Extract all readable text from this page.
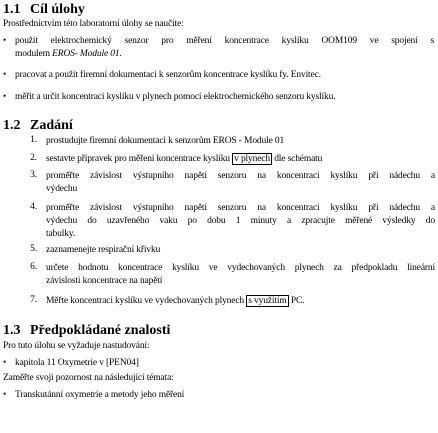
1.1 Cíl úlohy
Prostřednictvím této laboratorní úlohy se naučíte:
• použít elektrochemický senzor pro měření koncentrace kyslíku OOM109 ve spojení s
modulem EROS- Module 01.
• pracovat a použít firemní dokumentaci k senzorům koncentrace kyslíku fy. Envitec.
• měřit a určit koncentraci kyslíku v plynech pomocí elektrochemického senzoru kyslíku.
1.2 Zadání
1 . prostudujte firemní dokumentaci k senzorům EROS - Module 01
2 . sestavte přípravek pro měření koncentrace kyslíku v plynech dle schématu
3 . proměřte závislost výstupního napětí senzoru na koncentraci kyslíku při nádechu a
výdechu
4 . proměřte závislost výstupního napětí senzoru na koncentraci kyslíku při nádechu a
výdechu do uzavřeného vaku po dobu 1 minuty a zpracujte měřené výsledky do
tabulky.
5 . zaznamenejte respirační křivku
6 . určete hodnotu koncentrace kyslíku ve vydechovaných plynech za předpokladu lineární
závislosti koncentrace na napětí
7 . Měřte koncentraci kyslíku ve vydechovaných plynech s využitím PC.
1.3 Předpokládané znalosti
Pro tuto úlohu se vyžaduje nastudování:
• kapitola 11 Oxymetrie v [PEN04]
Zaměřte svoji pozornost na následující témata:
• Transkutánní oxymetrie a metody jeho měření
